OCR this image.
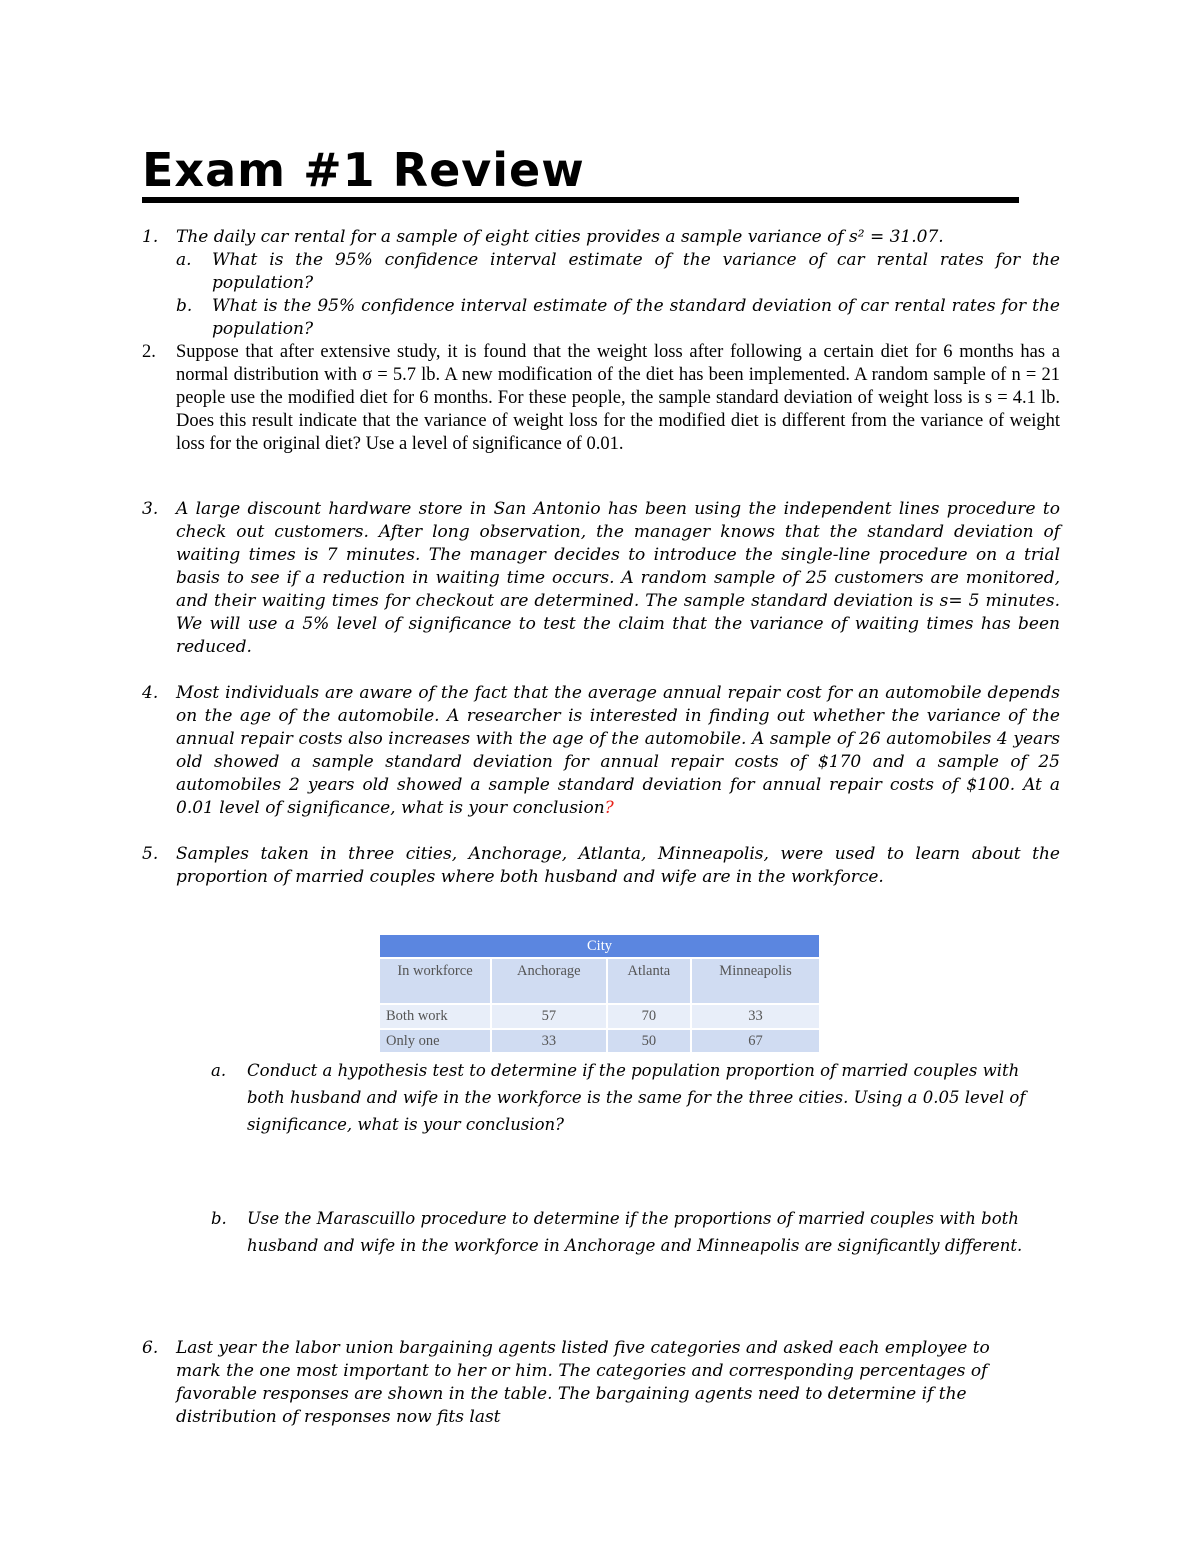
Exam #1 Review
1. The daily car rental for a sample of eight cities provides a sample variance of s² = 31.07.
a. What is the 95% confidence interval estimate of the variance of car rental rates for the population?
b. What is the 95% confidence interval estimate of the standard deviation of car rental rates for the population?
2. Suppose that after extensive study, it is found that the weight loss after following a certain diet for 6 months has a normal distribution with σ = 5.7 lb. A new modification of the diet has been implemented. A random sample of n = 21 people use the modified diet for 6 months. For these people, the sample standard deviation of weight loss is s = 4.1 lb. Does this result indicate that the variance of weight loss for the modified diet is different from the variance of weight loss for the original diet? Use a level of significance of 0.01.
3. A large discount hardware store in San Antonio has been using the independent lines procedure to check out customers. After long observation, the manager knows that the standard deviation of waiting times is 7 minutes. The manager decides to introduce the single-line procedure on a trial basis to see if a reduction in waiting time occurs. A random sample of 25 customers are monitored, and their waiting times for checkout are determined. The sample standard deviation is s= 5 minutes. We will use a 5% level of significance to test the claim that the variance of waiting times has been reduced.
4. Most individuals are aware of the fact that the average annual repair cost for an automobile depends on the age of the automobile. A researcher is interested in finding out whether the variance of the annual repair costs also increases with the age of the automobile. A sample of 26 automobiles 4 years old showed a sample standard deviation for annual repair costs of $170 and a sample of 25 automobiles 2 years old showed a sample standard deviation for annual repair costs of $100. At a 0.01 level of significance, what is your conclusion?
5. Samples taken in three cities, Anchorage, Atlanta, Minneapolis, were used to learn about the proportion of married couples where both husband and wife are in the workforce.
City			
In workforce	Anchorage	Atlanta	Minneapolis
Both work	57	70	33
Only one	33	50	67
a. Conduct a hypothesis test to determine if the population proportion of married couples with both husband and wife in the workforce is the same for the three cities. Using a 0.05 level of significance, what is your conclusion?
b. Use the Marascuillo procedure to determine if the proportions of married couples with both husband and wife in the workforce in Anchorage and Minneapolis are significantly different.
6. Last year the labor union bargaining agents listed five categories and asked each employee to mark the one most important to her or him. The categories and corresponding percentages of favorable responses are shown in the table. The bargaining agents need to determine if the distribution of responses now fits last
